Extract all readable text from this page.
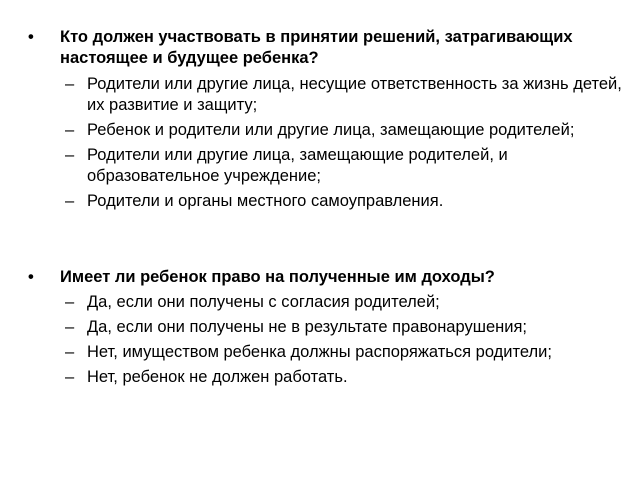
•	Кто должен участвовать в принятии решений, затрагивающих настоящее и будущее ребенка?
– Родители или другие лица, несущие ответственность за жизнь детей, их развитие и защиту;
– Ребенок и родители или другие лица, замещающие родителей;
– Родители или другие лица, замещающие родителей, и образовательное учреждение;
– Родители и органы местного самоуправления.
•	Имеет ли ребенок право на полученные им доходы?
– Да, если они получены с согласия родителей;
– Да, если они получены не в результате правонарушения;
– Нет, имуществом ребенка должны распоряжаться родители;
– Нет, ребенок не должен работать.
